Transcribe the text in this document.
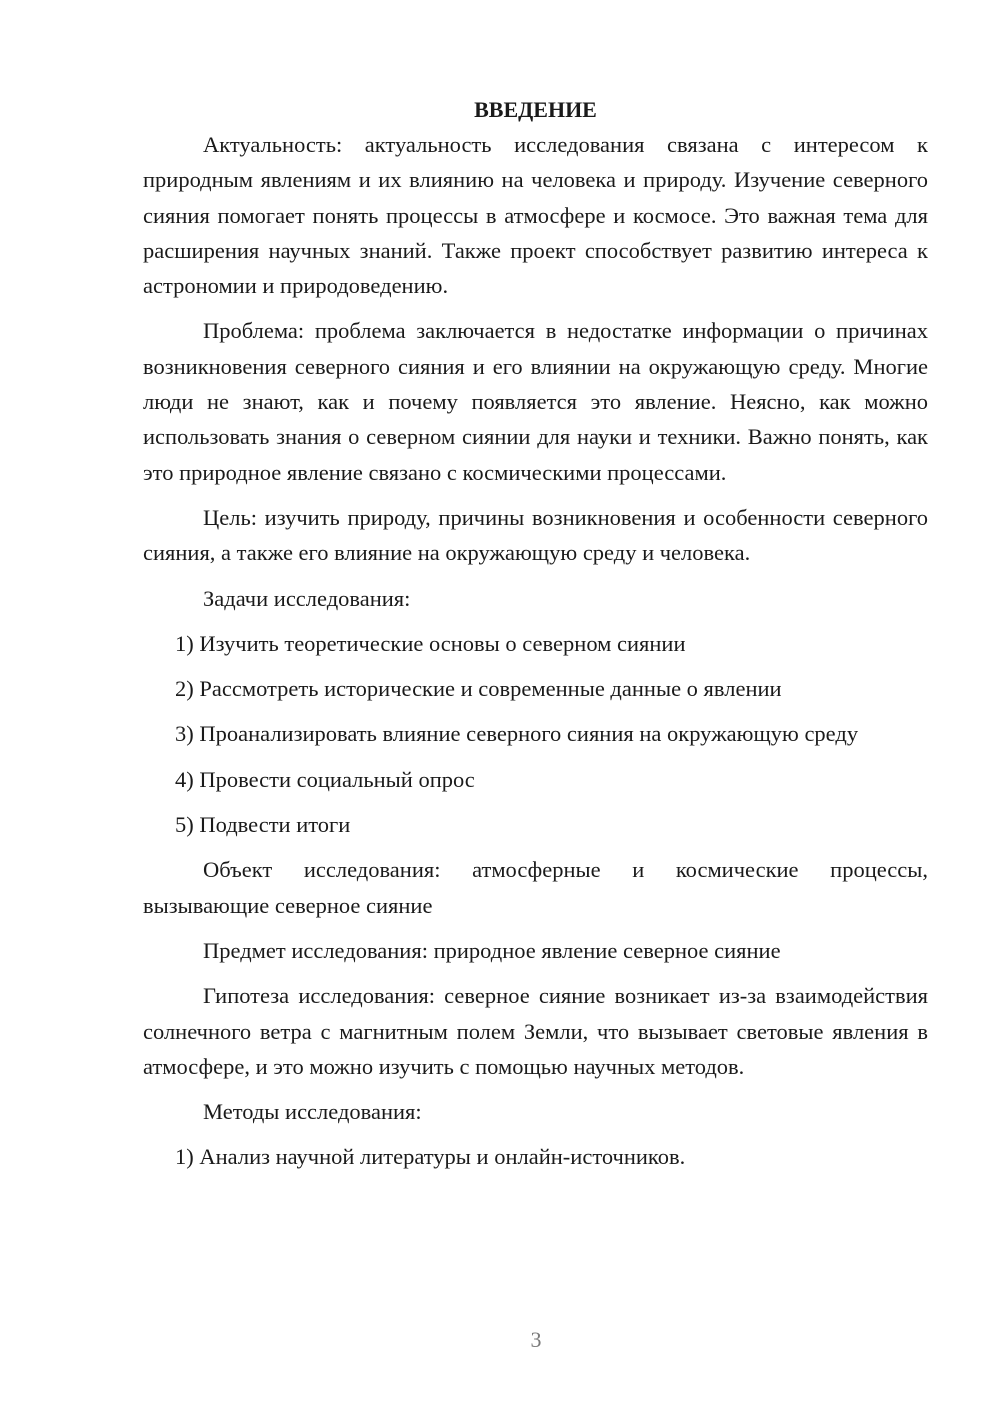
ВВЕДЕНИЕ

Актуальность: актуальность исследования связана с интересом к природным явлениям и их влиянию на человека и природу. Изучение северного сияния помогает понять процессы в атмосфере и космосе. Это важная тема для расширения научных знаний. Также проект способствует развитию интереса к астрономии и природоведению.

Проблема: проблема заключается в недостатке информации о причинах возникновения северного сияния и его влиянии на окружающую среду. Многие люди не знают, как и почему появляется это явление. Неясно, как можно использовать знания о северном сиянии для науки и техники. Важно понять, как это природное явление связано с космическими процессами.

Цель: изучить природу, причины возникновения и особенности северного сияния, а также его влияние на окружающую среду и человека.

Задачи исследования:

1) Изучить теоретические основы о северном сиянии

2) Рассмотреть исторические и современные данные о явлении

3) Проанализировать влияние северного сияния на окружающую среду

4) Провести социальный опрос

5) Подвести итоги

Объект исследования: атмосферные и космические процессы, вызывающие северное сияние

Предмет исследования: природное явление северное сияние

Гипотеза исследования: северное сияние возникает из-за взаимодействия солнечного ветра с магнитным полем Земли, что вызывает световые явления в атмосфере, и это можно изучить с помощью научных методов.

Методы исследования:

1) Анализ научной литературы и онлайн-источников.

3
